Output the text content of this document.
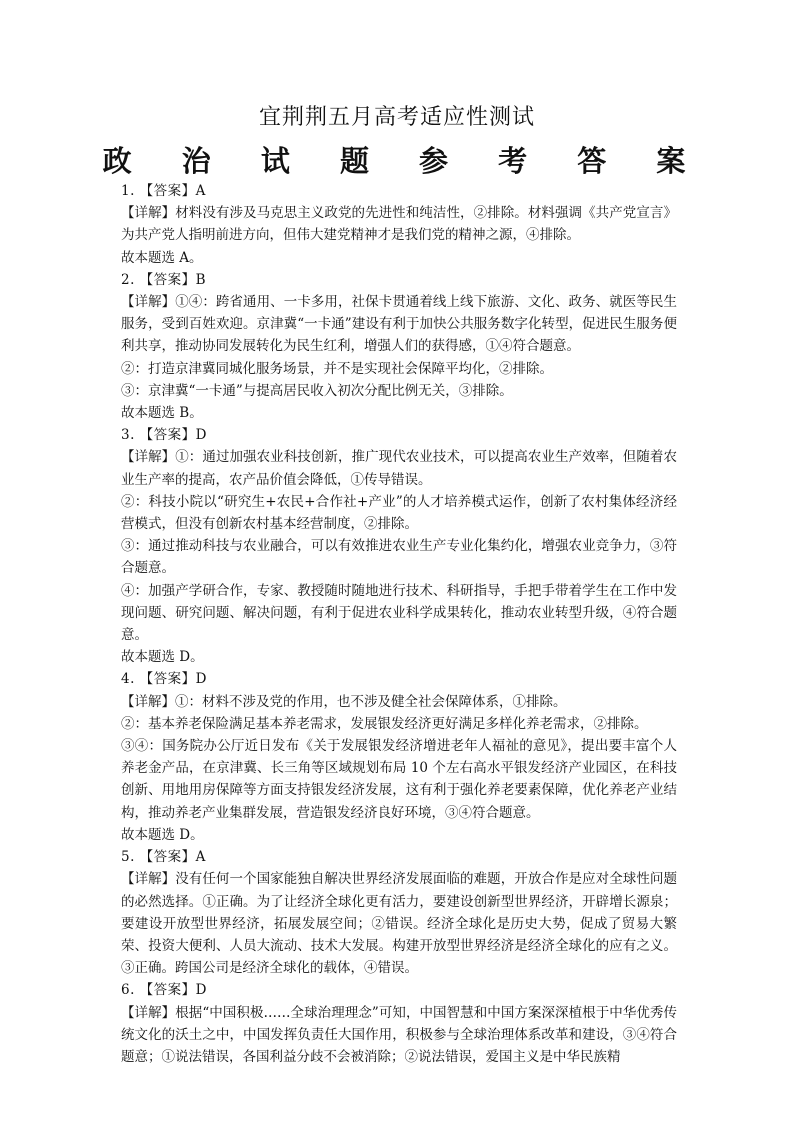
宜荆荆五月高考适应性测试
政 治 试 题 参 考 答 案

1. 【答案】A

【详解】材料没有涉及马克思主义政党的先进性和纯洁性，②排除。材料强调《共产党宣言》为共产党人指明前进方向，但伟大建党精神才是我们党的精神之源，④排除。

故本题选 A。

2. 【答案】B

【详解】①④：跨省通用、一卡多用，社保卡贯通着线上线下旅游、文化、政务、就医等民生服务，受到百姓欢迎。京津冀“一卡通”建设有利于加快公共服务数字化转型，促进民生服务便利共享，推动协同发展转化为民生红利，增强人们的获得感，①④符合题意。

②：打造京津冀同城化服务场景，并不是实现社会保障平均化，②排除。

③：京津冀“一卡通”与提高居民收入初次分配比例无关，③排除。

故本题选 B。

3. 【答案】D

【详解】①：通过加强农业科技创新，推广现代农业技术，可以提高农业生产效率，但随着农业生产率的提高，农产品价值会降低，①传导错误。

②：科技小院以“研究生+农民+合作社+产业”的人才培养模式运作，创新了农村集体经济经营模式，但没有创新农村基本经营制度，②排除。

③：通过推动科技与农业融合，可以有效推进农业生产专业化集约化，增强农业竞争力，③符合题意。

④：加强产学研合作，专家、教授随时随地进行技术、科研指导，手把手带着学生在工作中发现问题、研究问题、解决问题，有利于促进农业科学成果转化，推动农业转型升级，④符合题意。

故本题选 D。

4. 【答案】D

【详解】①：材料不涉及党的作用，也不涉及健全社会保障体系，①排除。

②：基本养老保险满足基本养老需求，发展银发经济更好满足多样化养老需求，②排除。

③④：国务院办公厅近日发布《关于发展银发经济增进老年人福祉的意见》，提出要丰富个人养老金产品，在京津冀、长三角等区域规划布局 10 个左右高水平银发经济产业园区，在科技创新、用地用房保障等方面支持银发经济发展，这有利于强化养老要素保障，优化养老产业结构，推动养老产业集群发展，营造银发经济良好环境，③④符合题意。

故本题选 D。

5. 【答案】A

【详解】没有任何一个国家能独自解决世界经济发展面临的难题，开放合作是应对全球性问题的必然选择。①正确。为了让经济全球化更有活力，要建设创新型世界经济，开辟增长源泉；要建设开放型世界经济，拓展发展空间；②错误。经济全球化是历史大势，促成了贸易大繁荣、投资大便利、人员大流动、技术大发展。构建开放型世界经济是经济全球化的应有之义。③正确。跨国公司是经济全球化的载体，④错误。

6. 【答案】D

【详解】根据“中国积极……全球治理理念”可知，中国智慧和中国方案深深植根于中华优秀传统文化的沃土之中，中国发挥负责任大国作用，积极参与全球治理体系改革和建设，③④符合题意；①说法错误，各国利益分歧不会被消除；②说法错误，爱国主义是中华民族精
